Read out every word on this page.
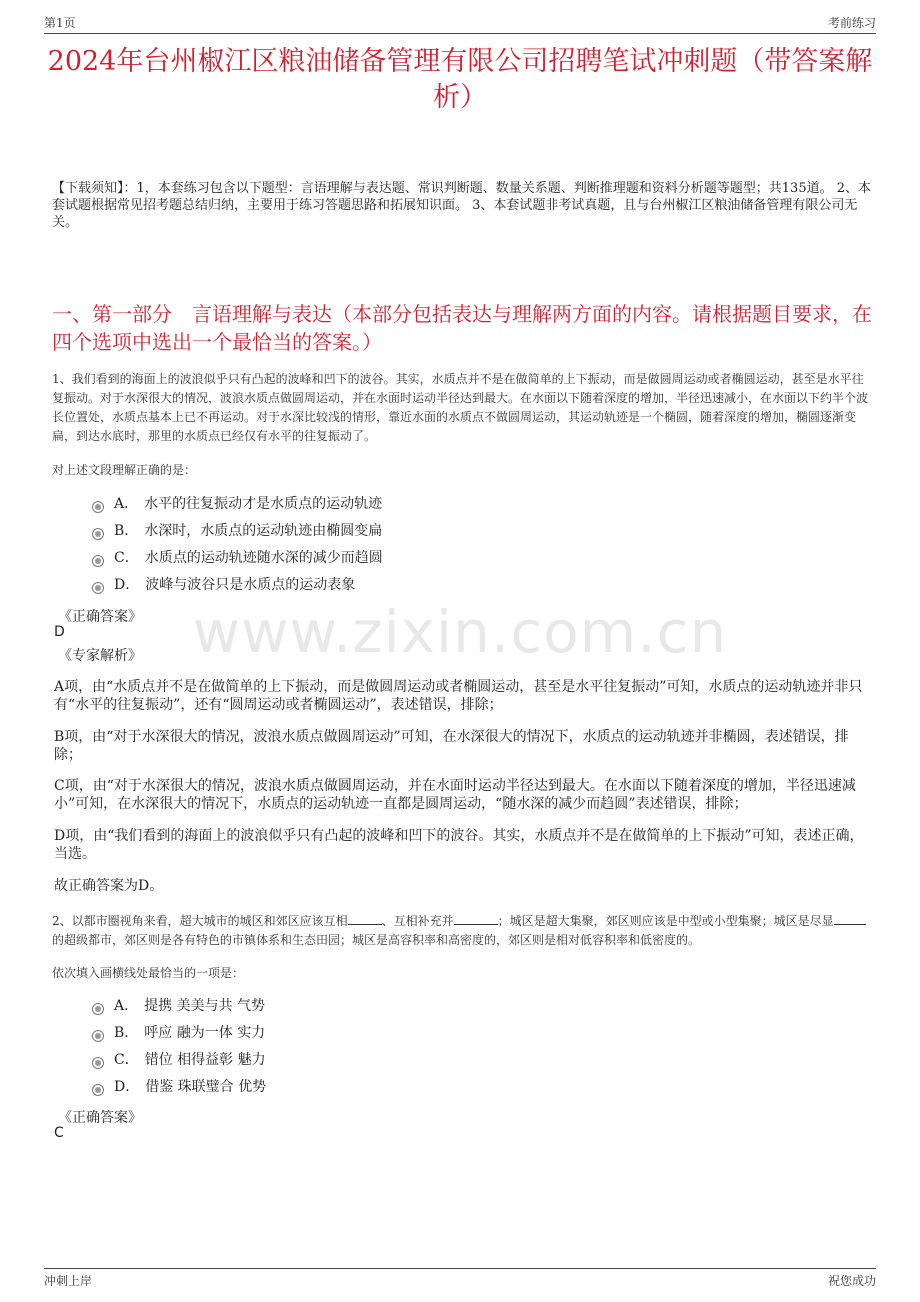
第1页	考前练习
2024年台州椒江区粮油储备管理有限公司招聘笔试冲刺题（带答案解析）

【下载须知】：1，本套练习包含以下题型：言语理解与表达题、常识判断题、数量关系题、判断推理题和资料分析题等题型；共135道。 2、本套试题根据常见招考题总结归纳，主要用于练习答题思路和拓展知识面。 3、本套试题非考试真题，且与台州椒江区粮油储备管理有限公司无关。

一、第一部分　言语理解与表达（本部分包括表达与理解两方面的内容。请根据题目要求，在四个选项中选出一个最恰当的答案。）

1、我们看到的海面上的波浪似乎只有凸起的波峰和凹下的波谷。其实，水质点并不是在做简单的上下振动，而是做圆周运动或者椭圆运动，甚至是水平往复振动。对于水深很大的情况，波浪水质点做圆周运动，并在水面时运动半径达到最大。在水面以下随着深度的增加，半径迅速减小，在水面以下约半个波长位置处，水质点基本上已不再运动。对于水深比较浅的情形，靠近水面的水质点不做圆周运动，其运动轨迹是一个椭圆，随着深度的增加，椭圆逐渐变扁，到达水底时，那里的水质点已经仅有水平的往复振动了。

对上述文段理解正确的是：

A． 水平的往复振动才是水质点的运动轨迹
B． 水深时，水质点的运动轨迹由椭圆变扁
C． 水质点的运动轨迹随水深的减少而趋圆
D． 波峰与波谷只是水质点的运动表象

《正确答案》

D

《专家解析》

A项，由“水质点并不是在做简单的上下振动，而是做圆周运动或者椭圆运动，甚至是水平往复振动”可知，水质点的运动轨迹并非只有“水平的往复振动”，还有“圆周运动或者椭圆运动”，表述错误，排除；

B项，由“对于水深很大的情况，波浪水质点做圆周运动”可知，在水深很大的情况下，水质点的运动轨迹并非椭圆，表述错误，排除；

C项，由“对于水深很大的情况，波浪水质点做圆周运动，并在水面时运动半径达到最大。在水面以下随着深度的增加，半径迅速减小”可知，在水深很大的情况下，水质点的运动轨迹一直都是圆周运动，“随水深的减少而趋圆”表述错误，排除；

D项，由“我们看到的海面上的波浪似乎只有凸起的波峰和凹下的波谷。其实，水质点并不是在做简单的上下振动”可知，表述正确，当选。

故正确答案为D。

2、以都市圈视角来看，超大城市的城区和郊区应该互相	、互相补充并	；城区是超大集聚，郊区则应该是中型或小型集聚；城区是尽显的超级都市，郊区则是各有特色的市镇体系和生态田园；城区是高容积率和高密度的，郊区则是相对低容积率和低密度的。

依次填入画横线处最恰当的一项是：

A． 提携 美美与共 气势
B． 呼应 融为一体 实力
C． 错位 相得益彰 魅力
D． 借鉴 珠联璧合 优势

《正确答案》

C

www.zixin.com.cn
冲刺上岸	祝您成功
